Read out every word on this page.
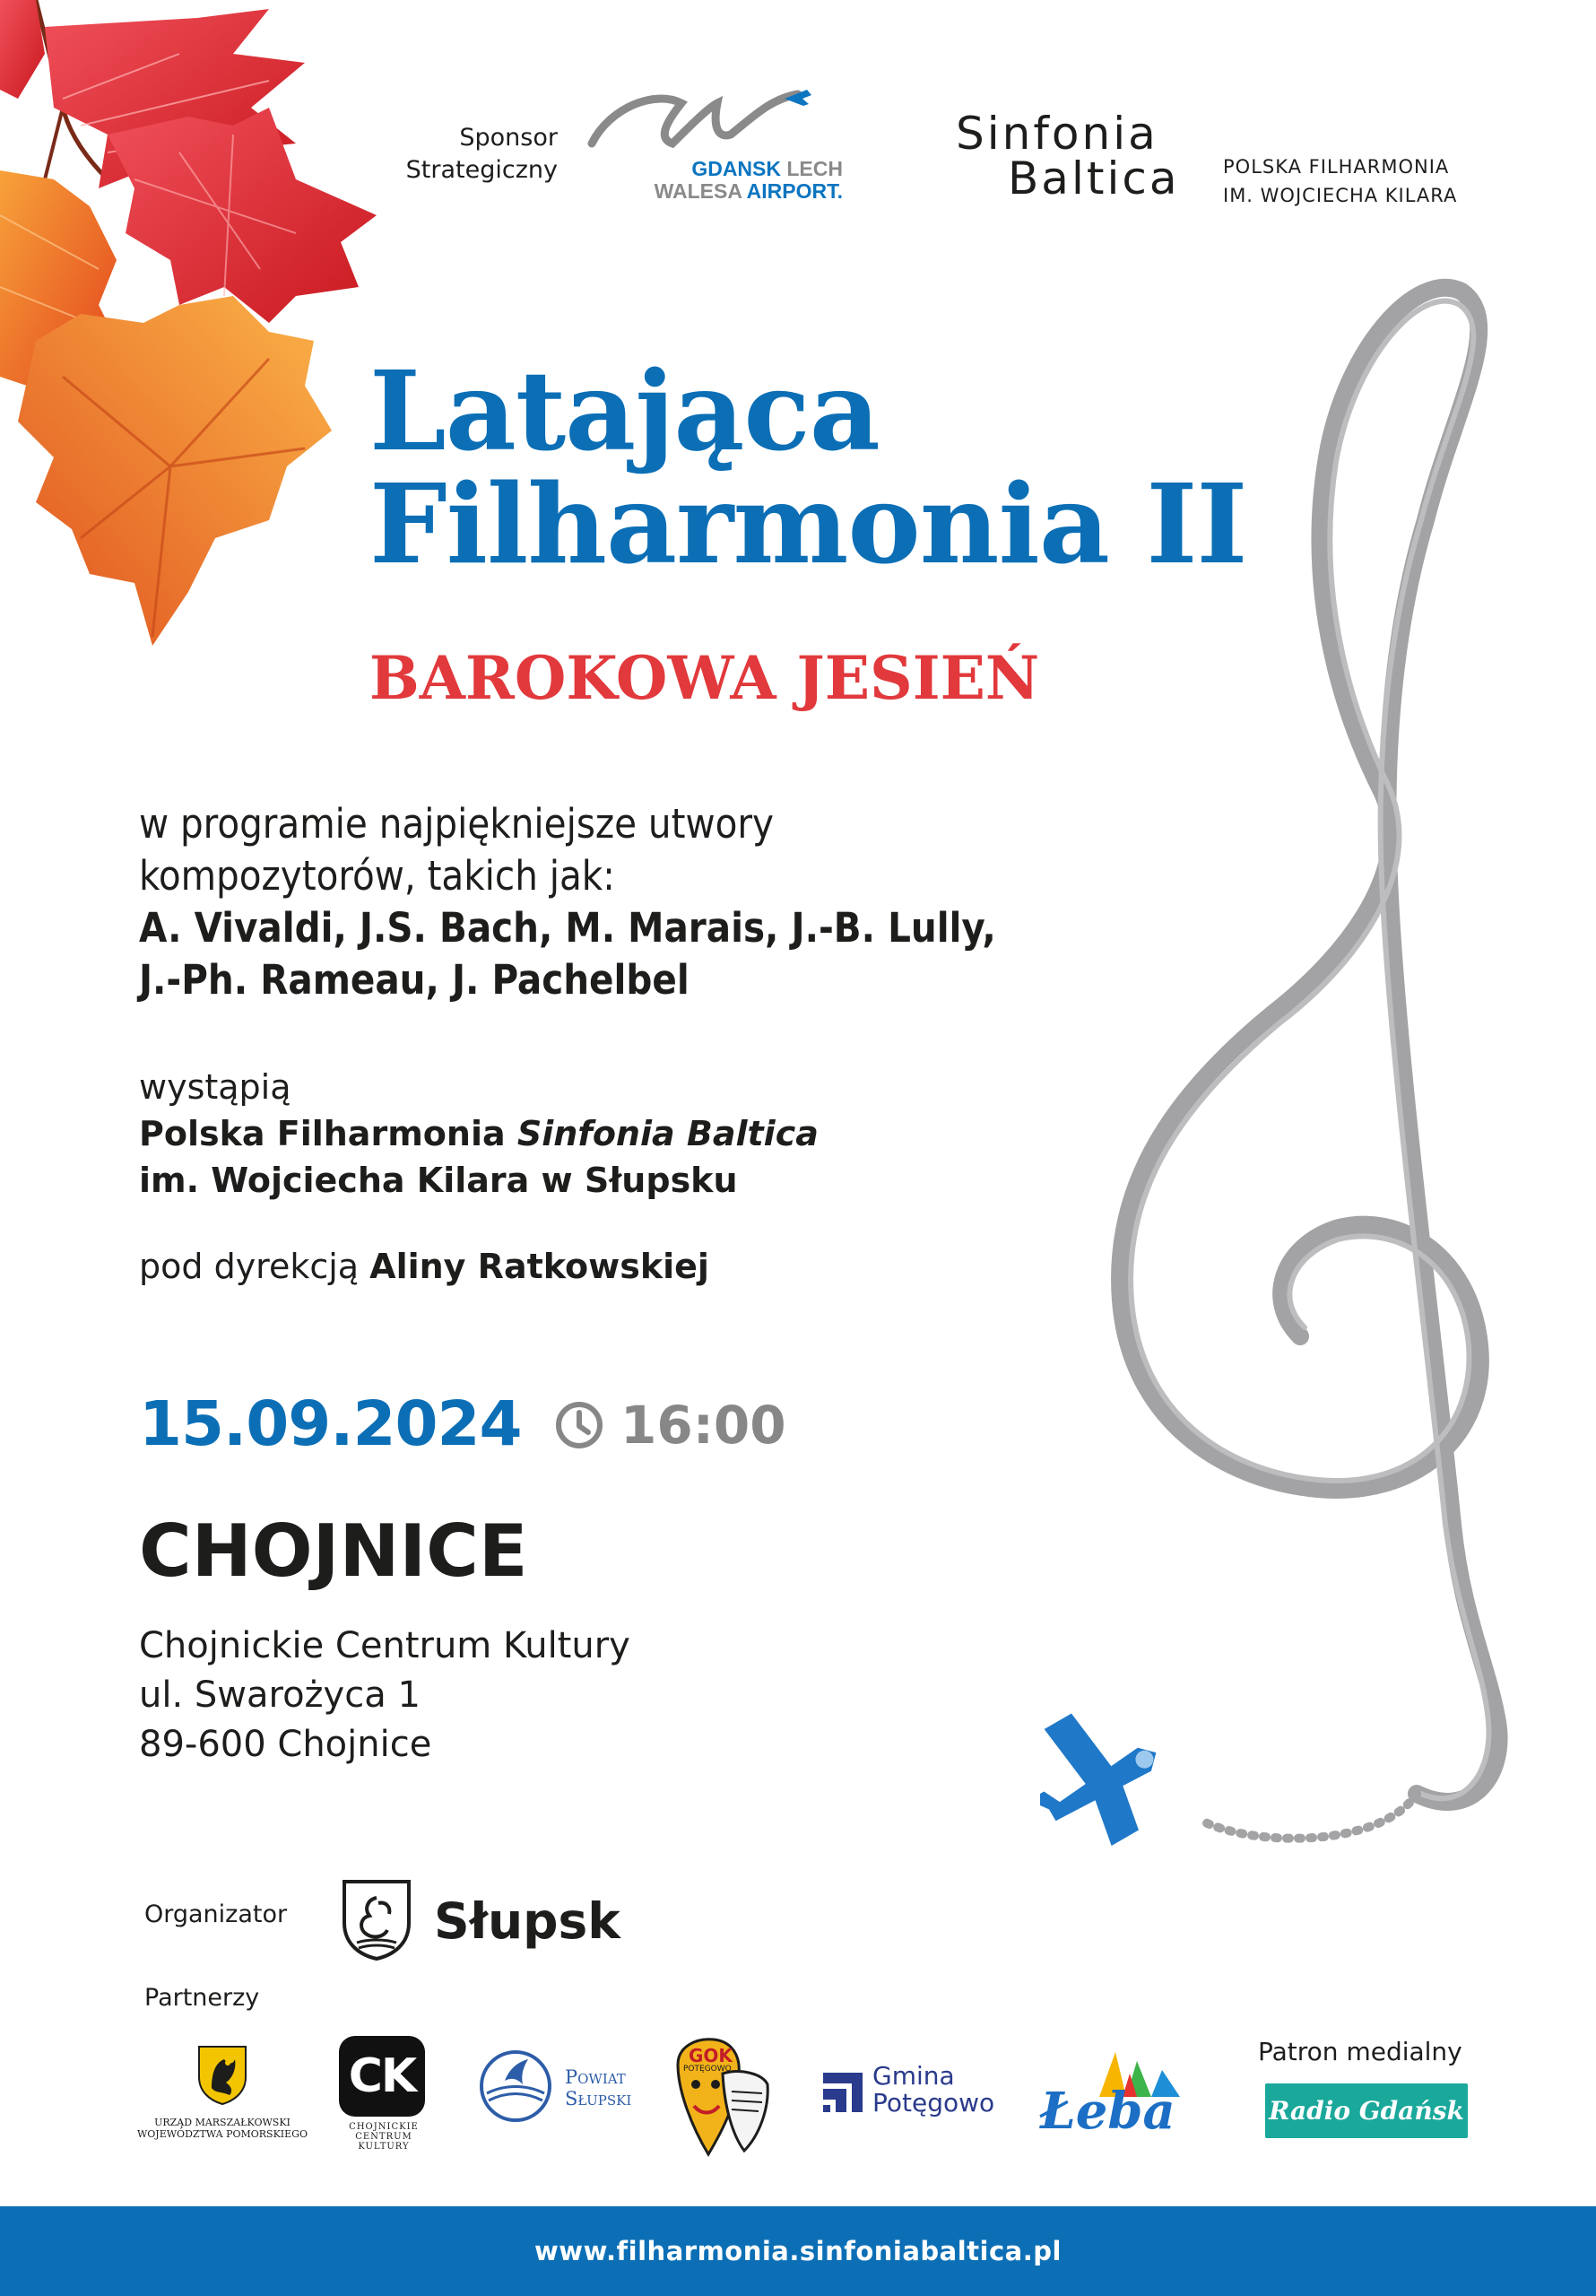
Sponsor
Strategiczny	GDANSK LECH
WALESA AIRPORT.
Sinfonia
Baltica POLSKA FILHARMONIA
IM. WOJCIECHA KILARA
Latająca
Filharmonia II
BAROKOWA JESIEŃ
w programie najpiękniejsze utwory
kompozytorów, takich jak:
A. Vivaldi, J.S. Bach, M. Marais, J.-B. Lully,
J.-Ph. Rameau, J. Pachelbel
wystąpią
Polska Filharmonia Sinfonia Baltica
im. Wojciecha Kilara w Słupsku
pod dyrekcją Aliny Ratkowskiej
15.09.2024 16:00
CHOJNICE
Chojnickie Centrum Kultury
ul. Swarożyca 1
89-600 Chojnice
Organizator	Słupsk
Partnerzy
URZĄD MARSZAŁKOWSKI
WOJEWÓDZTWA POMORSKIEGO
CK
CHOJNICKIE
CENTRUM
KULTURY
Powiat
Słupski
GOK
POTĘGOWO	Gmina
Potęgowo Łeba
Patron medialny
Radio Gdańsk
www.filharmonia.sinfoniabaltica.pl
